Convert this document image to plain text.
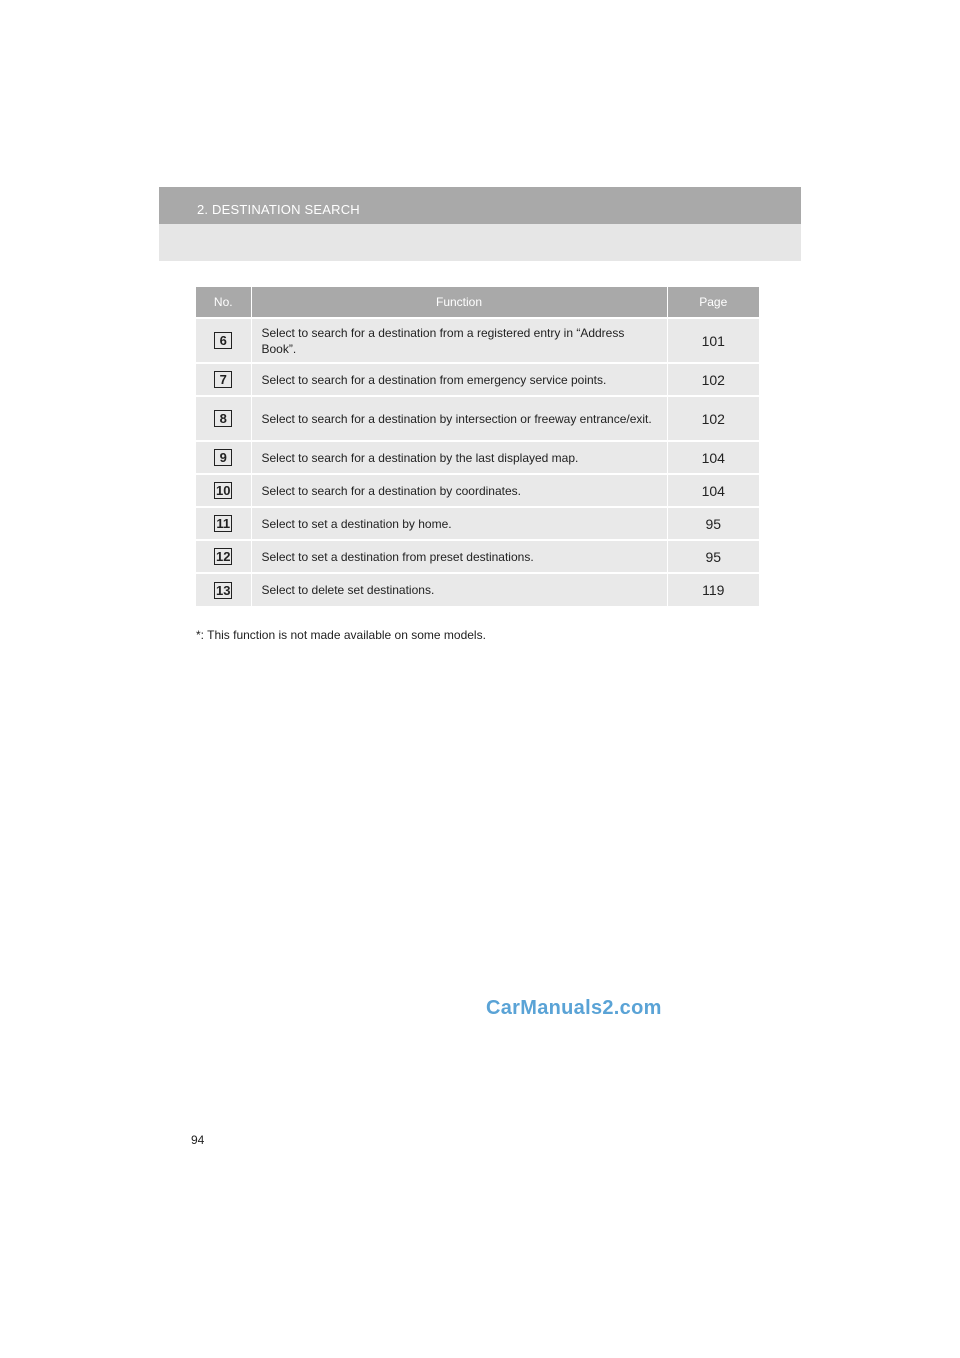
2. DESTINATION SEARCH
No.	Function	Page
6	Select to search for a destination from a registered entry in “Address Book”.	101
7	Select to search for a destination from emergency service points.	102
8	Select to search for a destination by intersection or freeway entrance/exit.	102
9	Select to search for a destination by the last displayed map.	104
10	Select to search for a destination by coordinates.	104
11	Select to set a destination by home.	95
12	Select to set a destination from preset destinations.	95
13	Select to delete set destinations.	119
*: This function is not made available on some models.
CarManuals2.com
94
